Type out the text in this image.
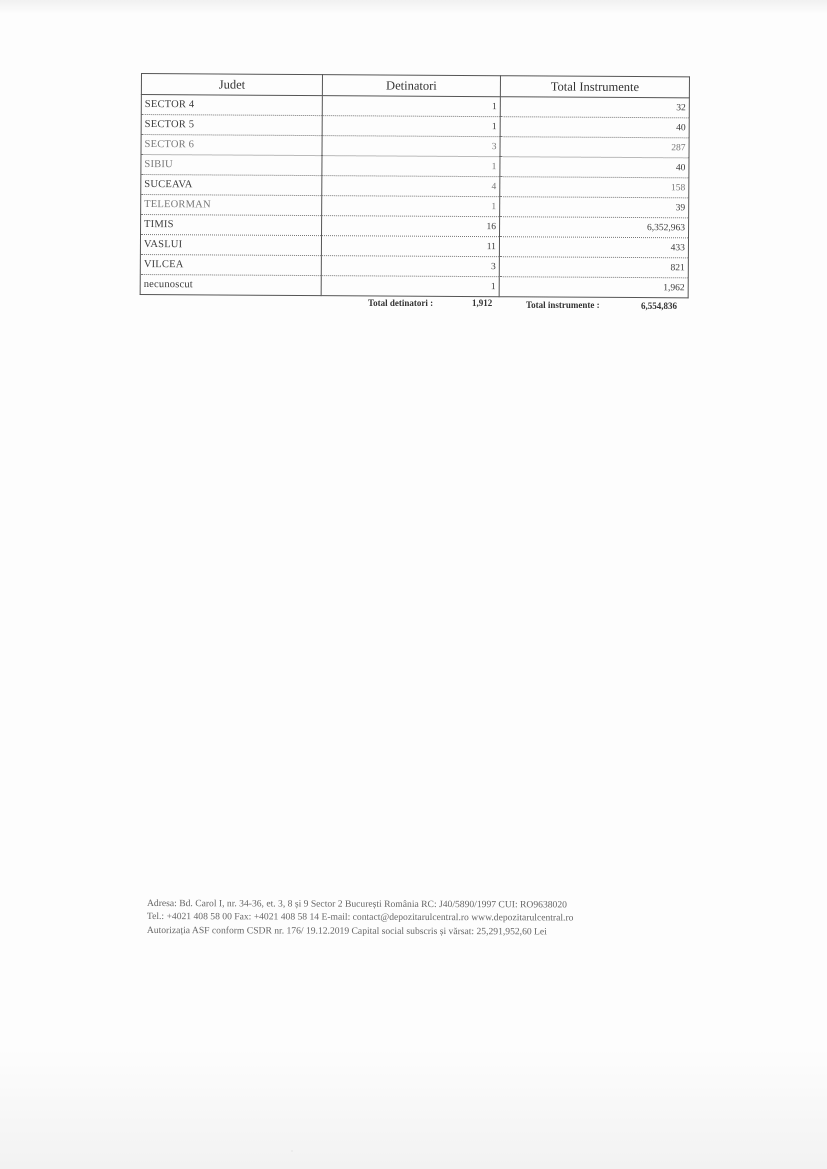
Judet	Detinatori	Total Instrumente
SECTOR 4	1	32
SECTOR 5	1	40
SECTOR 6	3	287
SIBIU	1	40
SUCEAVA	4	158
TELEORMAN	1	39
TIMIS	16	6,352,963
VASLUI	11	433
VILCEA	3	821
necunoscut	1	1,962
Total detinatori :	1,912	Total instrumente :	6,554,836
Adresa: Bd. Carol I, nr. 34-36, et. 3, 8 și 9 Sector 2 București România RC: J40/5890/1997 CUI: RO9638020
Tel.: +4021 408 58 00 Fax: +4021 408 58 14 E-mail: contact@depozitarulcentral.ro www.depozitarulcentral.ro
Autorizația ASF conform CSDR nr. 176/ 19.12.2019 Capital social subscris și vărsat: 25,291,952,60 Lei
